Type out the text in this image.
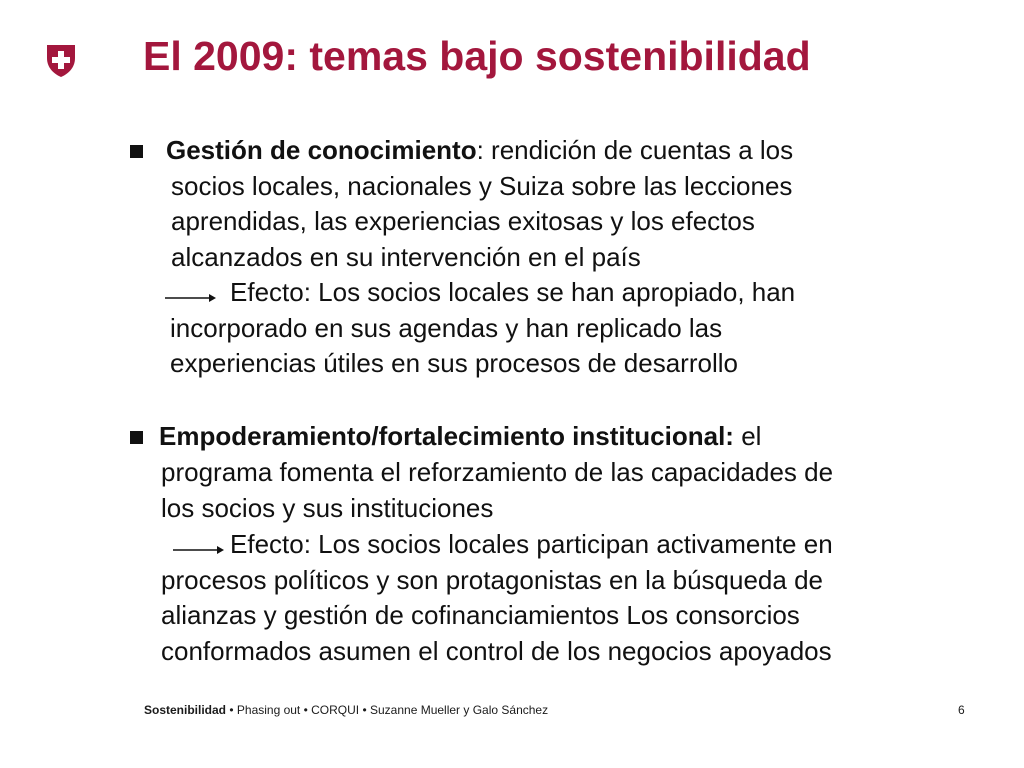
El 2009: temas bajo sostenibilidad
Gestión de conocimiento: rendición de cuentas a los
socios locales, nacionales y Suiza sobre las lecciones
aprendidas, las experiencias exitosas y los efectos
alcanzados en su intervención en el país
Efecto: Los socios locales se han apropiado, han
incorporado en sus agendas y han replicado las
experiencias útiles en sus procesos de desarrollo
Empoderamiento/fortalecimiento institucional: el
programa fomenta el reforzamiento de las capacidades de
los socios y sus instituciones
Efecto: Los socios locales participan activamente en
procesos políticos y son protagonistas en la búsqueda de
alianzas y gestión de cofinanciamientos Los consorcios
conformados asumen el control de los negocios apoyados
Sostenibilidad • Phasing out • CORQUI • Suzanne Mueller y Galo Sánchez	6
